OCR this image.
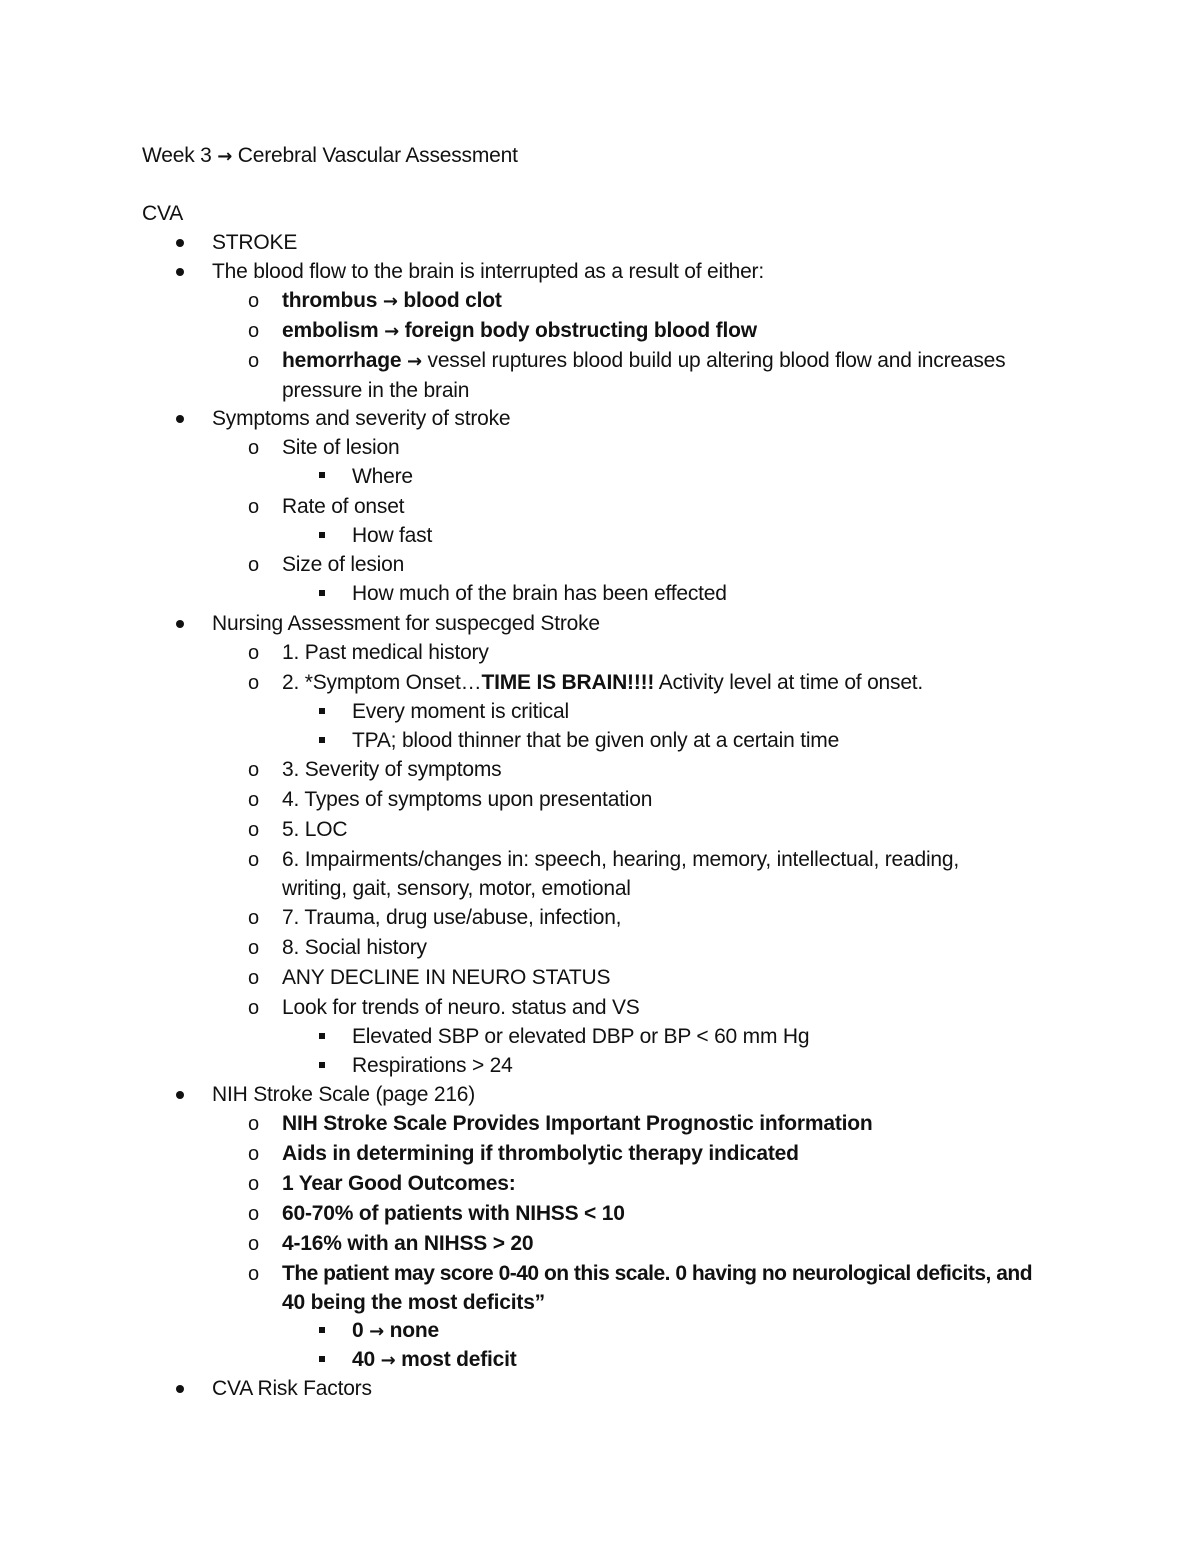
Week 3 → Cerebral Vascular Assessment
CVA
STROKE
The blood flow to the brain is interrupted as a result of either:
o thrombus → blood clot
o embolism → foreign body obstructing blood flow
o hemorrhage → vessel ruptures blood build up altering blood flow and increases
pressure in the brain
Symptoms and severity of stroke
o Site of lesion
Where
o Rate of onset
How fast
o Size of lesion
How much of the brain has been effected
Nursing Assessment for suspecged Stroke
o 1. Past medical history
o 2. *Symptom Onset…TIME IS BRAIN!!!! Activity level at time of onset.
Every moment is critical
TPA; blood thinner that be given only at a certain time
o 3. Severity of symptoms
o 4. Types of symptoms upon presentation
o 5. LOC
o 6. Impairments/changes in: speech, hearing, memory, intellectual, reading,
writing, gait, sensory, motor, emotional
o 7. Trauma, drug use/abuse, infection,
o 8. Social history
o ANY DECLINE IN NEURO STATUS
o Look for trends of neuro. status and VS
Elevated SBP or elevated DBP or BP < 60 mm Hg
Respirations > 24
NIH Stroke Scale (page 216)
o NIH Stroke Scale Provides Important Prognostic information
o Aids in determining if thrombolytic therapy indicated
o 1 Year Good Outcomes:
o 60-70% of patients with NIHSS < 10
o 4-16% with an NIHSS > 20
o The patient may score 0-40 on this scale. 0 having no neurological deficits, and
40 being the most deficits”
0 → none
40 → most deficit
CVA Risk Factors
